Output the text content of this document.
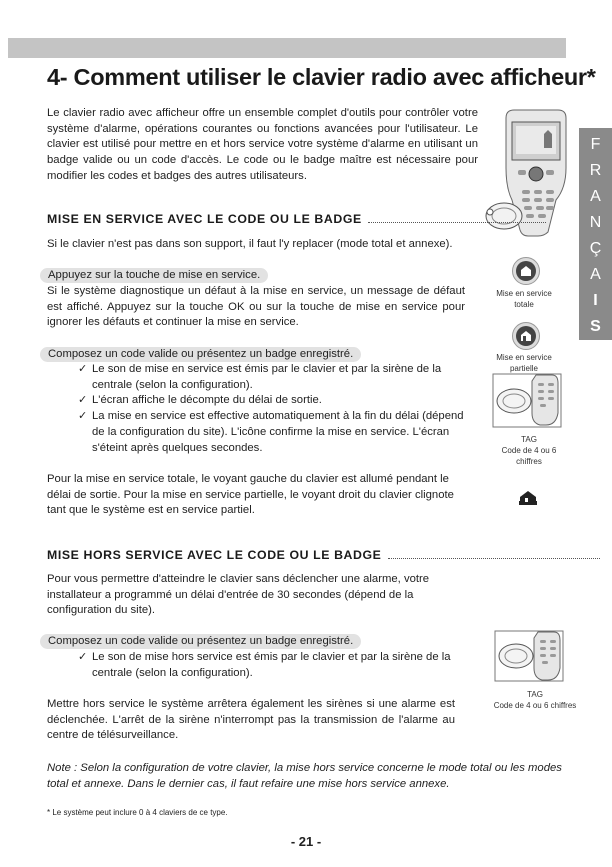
4- Comment utiliser le clavier radio avec afficheur*

Le clavier radio avec afficheur offre un ensemble complet d'outils pour contrôler votre système d'alarme, opérations courantes ou fonctions avancées pour l'utilisateur. Le clavier est utilisé pour mettre en et hors service votre système d'alarme en utilisant un badge valide ou un code d'accès. Le code ou le badge maître est nécessaire pour modifier les codes et badges des autres utilisateurs.

F
R
A
N
Ç
A
I
S
MISE EN SERVICE AVEC LE CODE OU LE BADGE

Si le clavier n'est pas dans son support, il faut l'y replacer (mode total et annexe).

Appuyez sur la touche de mise en service.

Si le système diagnostique un défaut à la mise en service, un message de défaut est affiché. Appuyez sur la touche OK ou sur la touche de mise en service pour ignorer les défauts et continuer la mise en service.

Composez un code valide ou présentez un badge enregistré.
✓ Le son de mise en service est émis par le clavier et par la sirène de la centrale (selon la configuration).
✓ L'écran affiche le décompte du délai de sortie.
✓ La mise en service est effective automatiquement à la fin du délai (dépend de la configuration du site). L'icône confirme la mise en service. L'écran s'éteint après quelques secondes.

Pour la mise en service totale, le voyant gauche du clavier est allumé pendant le délai de sortie. Pour la mise en service partielle, le voyant droit du clavier clignote tant que le système est en service partiel.

Mise en service
totale
Mise en service
partielle
TAG
Code de 4 ou 6
chiffres
MISE HORS SERVICE AVEC LE CODE OU LE BADGE

Pour vous permettre d'atteindre le clavier sans déclencher une alarme, votre installateur a programmé un délai d'entrée de 30 secondes (dépend de la configuration du site).

Composez un code valide ou présentez un badge enregistré.
✓ Le son de mise hors service est émis par le clavier et par la sirène de la centrale (selon la configuration).

Mettre hors service le système arrêtera également les sirènes si une alarme est déclenchée. L'arrêt de la sirène n'interrompt pas la transmission de l'alarme au centre de télésurveillance.

TAG
Code de 4 ou 6 chiffres

Note : Selon la configuration de votre clavier, la mise hors service concerne le mode total ou les modes total et annexe. Dans le dernier cas, il faut refaire une mise hors service annexe.

* Le système peut inclure 0 à 4 claviers de ce type.

- 21 -
